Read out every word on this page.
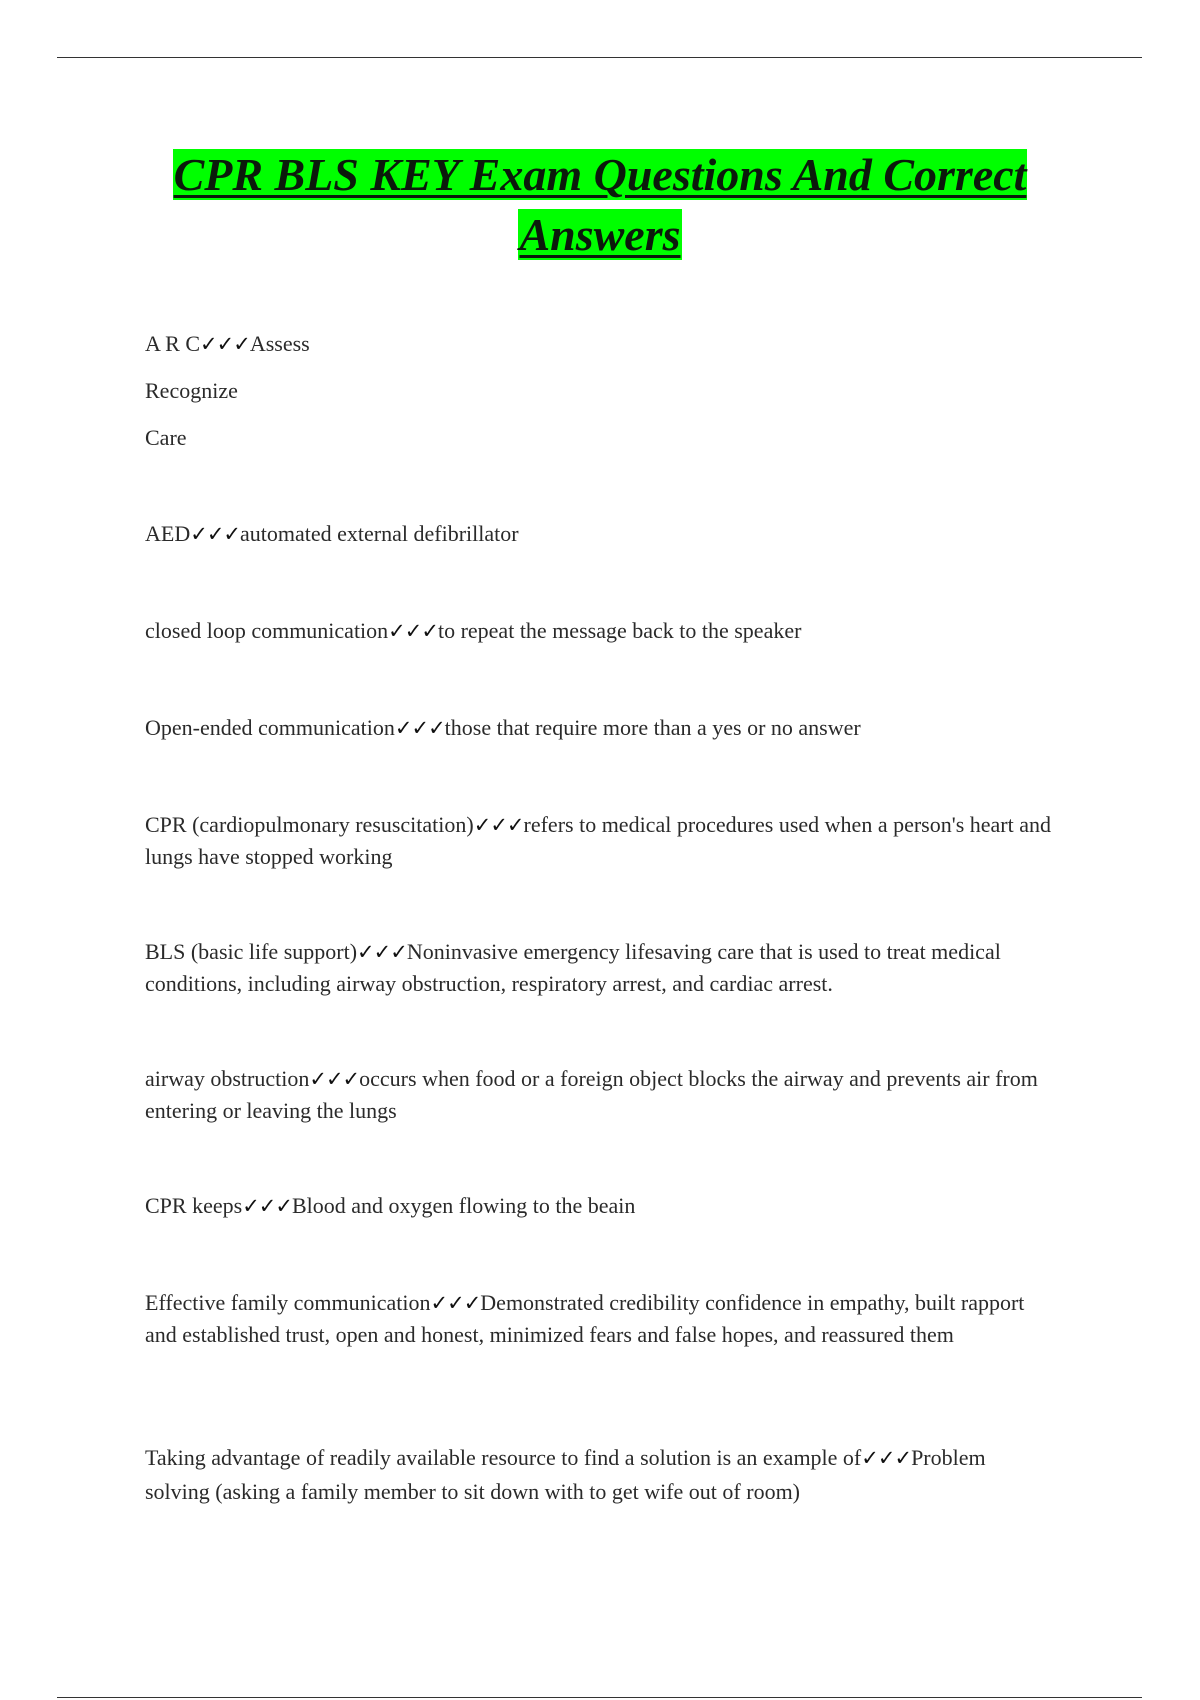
CPR BLS KEY Exam Questions And Correct
Answers

A R C✓✓✓Assess

Recognize

Care

AED✓✓✓automated external defibrillator

closed loop communication✓✓✓to repeat the message back to the speaker

Open-ended communication✓✓✓those that require more than a yes or no answer

CPR (cardiopulmonary resuscitation)✓✓✓refers to medical procedures used when a person's heart and lungs have stopped working

BLS (basic life support)✓✓✓Noninvasive emergency lifesaving care that is used to treat medical conditions, including airway obstruction, respiratory arrest, and cardiac arrest.

airway obstruction✓✓✓occurs when food or a foreign object blocks the airway and prevents air from entering or leaving the lungs

CPR keeps✓✓✓Blood and oxygen flowing to the beain

Effective family communication✓✓✓Demonstrated credibility confidence in empathy, built rapport and established trust, open and honest, minimized fears and false hopes, and reassured them

Taking advantage of readily available resource to find a solution is an example of✓✓✓Problem solving (asking a family member to sit down with to get wife out of room)
